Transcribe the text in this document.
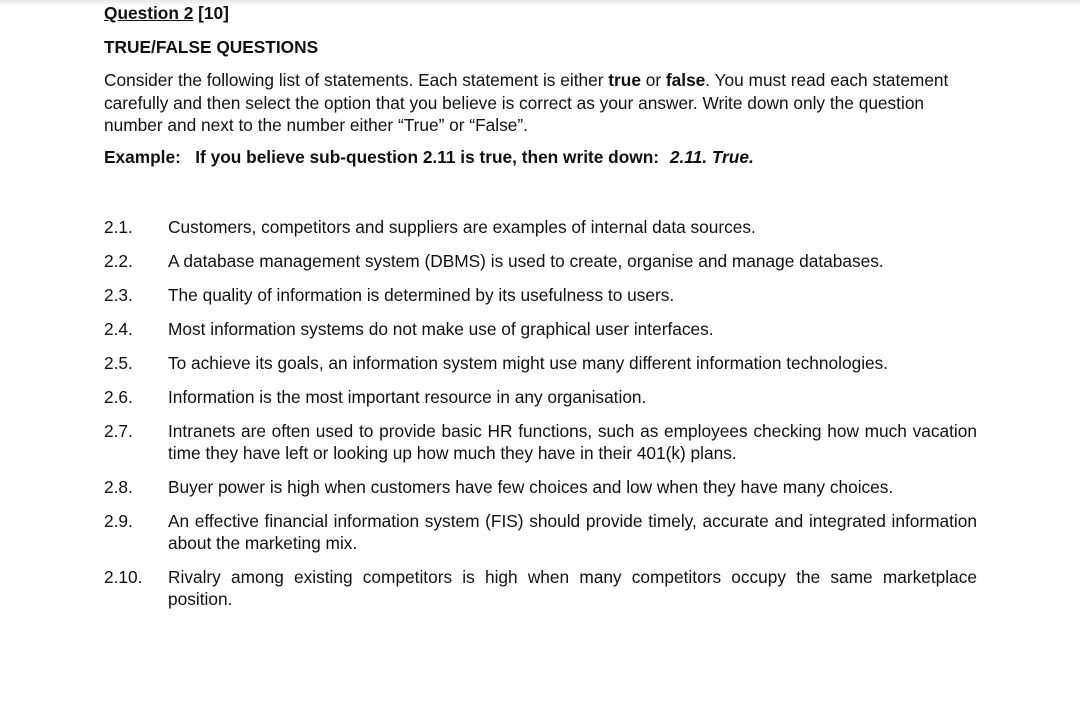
Question 2 [10]
TRUE/FALSE QUESTIONS
Consider the following list of statements. Each statement is either true or false. You must read each statement carefully and then select the option that you believe is correct as your answer. Write down only the question number and next to the number either “True” or “False”.
Example: If you believe sub-question 2.11 is true, then write down: 2.11. True.
2.1.	Customers, competitors and suppliers are examples of internal data sources.
2.2.	A database management system (DBMS) is used to create, organise and manage databases.
2.3.	The quality of information is determined by its usefulness to users.
2.4.	Most information systems do not make use of graphical user interfaces.
2.5.	To achieve its goals, an information system might use many different information technologies.
2.6.	Information is the most important resource in any organisation.
2.7.	Intranets are often used to provide basic HR functions, such as employees checking how much vacation time they have left or looking up how much they have in their 401(k) plans.
2.8.	Buyer power is high when customers have few choices and low when they have many choices.
2.9.	An effective financial information system (FIS) should provide timely, accurate and integrated information about the marketing mix.
2.10.	Rivalry among existing competitors is high when many competitors occupy the same marketplace position.
